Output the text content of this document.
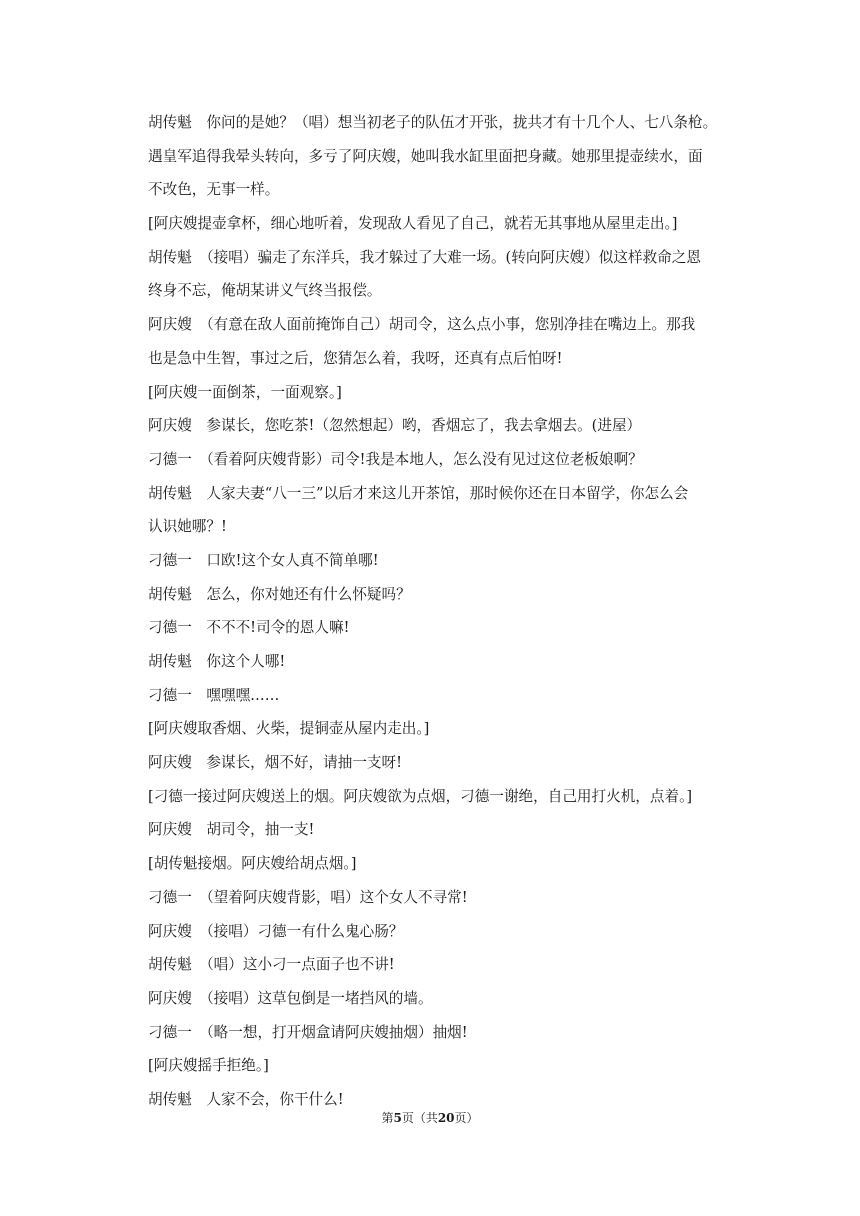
胡传魁　你问的是她？（唱）想当初老子的队伍才开张，拢共才有十几个人、七八条枪。
遇皇军追得我晕头转向，多亏了阿庆嫂，她叫我水缸里面把身藏。她那里提壶续水，面
不改色，无事一样。
[阿庆嫂提壶拿杯，细心地听着，发现敌人看见了自己，就若无其事地从屋里走出。]
胡传魁　（接唱）骗走了东洋兵，我才躲过了大难一场。(转向阿庆嫂）似这样救命之恩
终身不忘，俺胡某讲义气终当报偿。
阿庆嫂　（有意在敌人面前掩饰自己）胡司令，这么点小事，您别净挂在嘴边上。那我
也是急中生智，事过之后，您猜怎么着，我呀，还真有点后怕呀!
[阿庆嫂一面倒茶，一面观察。]
阿庆嫂　参谋长，您吃茶!（忽然想起）哟，香烟忘了，我去拿烟去。(进屋）
刁德一　（看着阿庆嫂背影）司令!我是本地人，怎么没有见过这位老板娘啊？
胡传魁　人家夫妻“八一三”以后才来这儿开茶馆，那时候你还在日本留学，你怎么会
认识她哪？!
刁德一　口欧!这个女人真不简单哪!
胡传魁　怎么，你对她还有什么怀疑吗？
刁德一　不不不!司令的恩人嘛!
胡传魁　你这个人哪!
刁德一　嘿嘿嘿……
[阿庆嫂取香烟、火柴，提铜壶从屋内走出。]
阿庆嫂　参谋长，烟不好，请抽一支呀!
[刁德一接过阿庆嫂送上的烟。阿庆嫂欲为点烟，刁德一谢绝，自己用打火机，点着。]
阿庆嫂　胡司令，抽一支!
[胡传魁接烟。阿庆嫂给胡点烟。]
刁德一　（望着阿庆嫂背影，唱）这个女人不寻常!
阿庆嫂　（接唱）刁德一有什么鬼心肠？
胡传魁　（唱）这小刁一点面子也不讲!
阿庆嫂　（接唱）这草包倒是一堵挡风的墙。
刁德一　（略一想，打开烟盒请阿庆嫂抽烟）抽烟!
[阿庆嫂摇手拒绝。]
胡传魁　人家不会，你干什么!
第5页（共20页）
